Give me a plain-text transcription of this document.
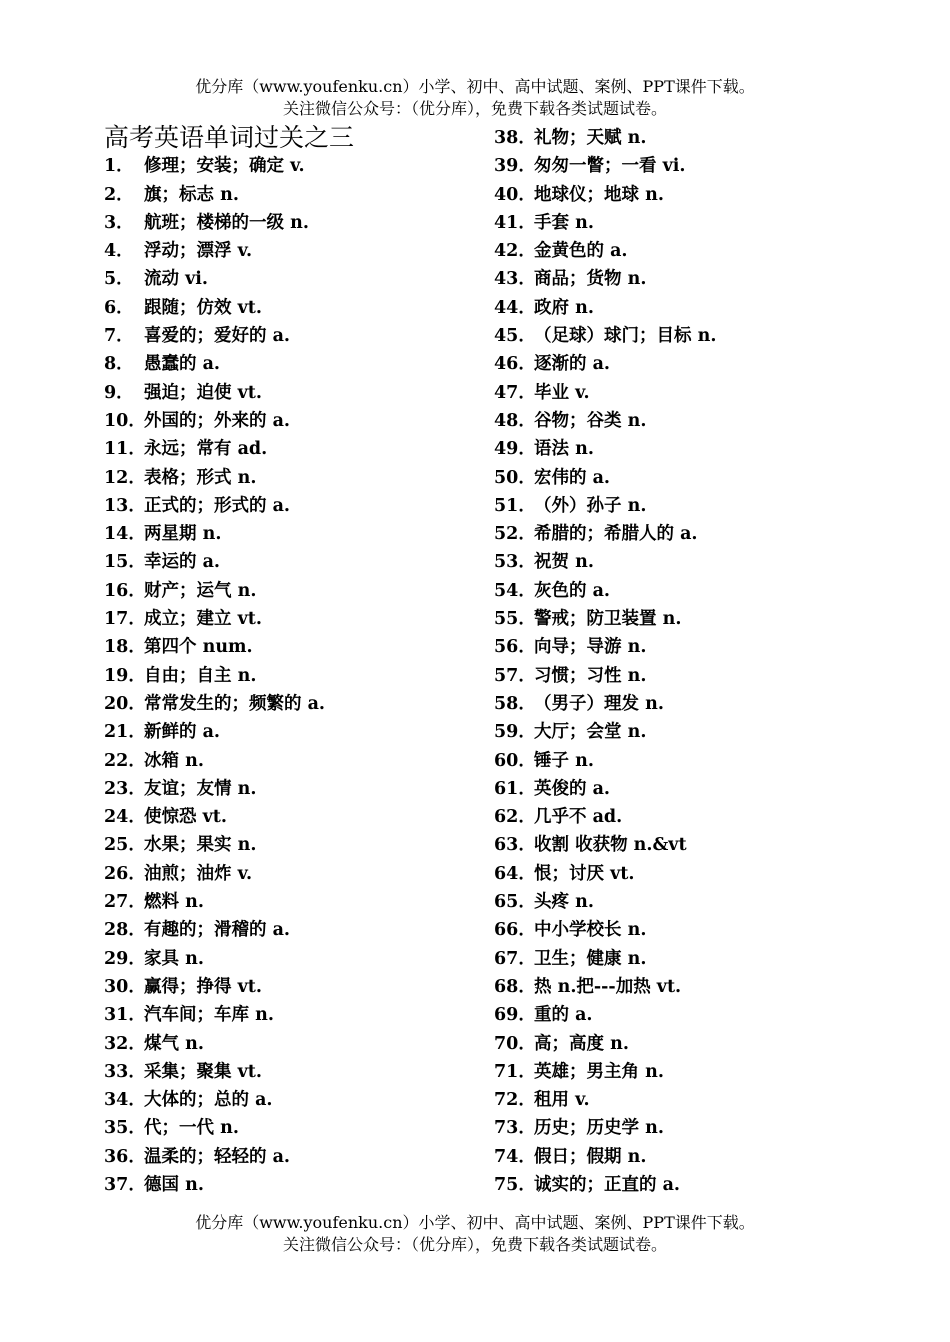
优分库（www.youfenku.cn）小学、初中、高中试题、案例、PPT课件下载。
关注微信公众号：（优分库），免费下载各类试题试卷。
高考英语单词过关之三
1． 修理；安装；确定 v.
2． 旗；标志 n.
3． 航班；楼梯的一级 n.
4． 浮动；漂浮 v.
5． 流动 vi.
6． 跟随；仿效 vt.
7． 喜爱的；爱好的 a.
8． 愚蠢的 a.
9． 强迫；迫使 vt.
10．
外国的；外来的 a.
11．
永远；常有 ad.
12．
表格；形式 n.
13．
正式的；形式的 a.
14．
两星期 n.
15．
幸运的 a.
16．
财产；运气 n.
17．
成立；建立 vt.
18．
第四个 num.
19．
自由；自主 n.
20．
常常发生的；频繁的 a.
21．
新鲜的 a.
22．
冰箱 n.
23．
友谊；友情 n.
24．
使惊恐 vt.
25．
水果；果实 n.
26．
油煎；油炸 v.
27．
燃料 n.
28．
有趣的；滑稽的 a.
29．
家具 n.
30．
赢得；挣得 vt.
31．
汽车间；车库 n.
32．
煤气 n.
33．
采集；聚集 vt.
34．
大体的；总的 a.
35．
代；一代 n.
36．
温柔的；轻轻的 a.
37．
德国 n.
38．
礼物；天赋 n.
39．
匆匆一瞥；一看 vi.
40．
地球仪；地球 n.
41．
手套 n.
42．
金黄色的 a.
43．
商品；货物 n.
44．
政府 n.
45．
（足球）球门；目标 n.
46．
逐渐的 a.
47．
毕业 v.
48．
谷物；谷类 n.
49．
语法 n.
50．
宏伟的 a.
51．
（外）孙子 n.
52．
希腊的；希腊人的 a.
53．
祝贺 n.
54．
灰色的 a.
55．
警戒；防卫装置 n.
56．
向导；导游 n.
57．
习惯；习性 n.
58．
（男子）理发 n.
59．
大厅；会堂 n.
60．
锤子 n.
61．
英俊的 a.
62．
几乎不 ad.
63．
收割 收获物 n.&vt
64．
恨；讨厌 vt.
65．
头疼 n.
66．
中小学校长 n.
67．
卫生；健康 n.
68．
热 n.把---加热 vt.
69．
重的 a.
70．
高；高度 n.
71．
英雄；男主角 n.
72．
租用 v.
73．
历史；历史学 n.
74．
假日；假期 n.
75．
诚实的；正直的 a.
优分库（www.youfenku.cn）小学、初中、高中试题、案例、PPT课件下载。
关注微信公众号：（优分库），免费下载各类试题试卷。
